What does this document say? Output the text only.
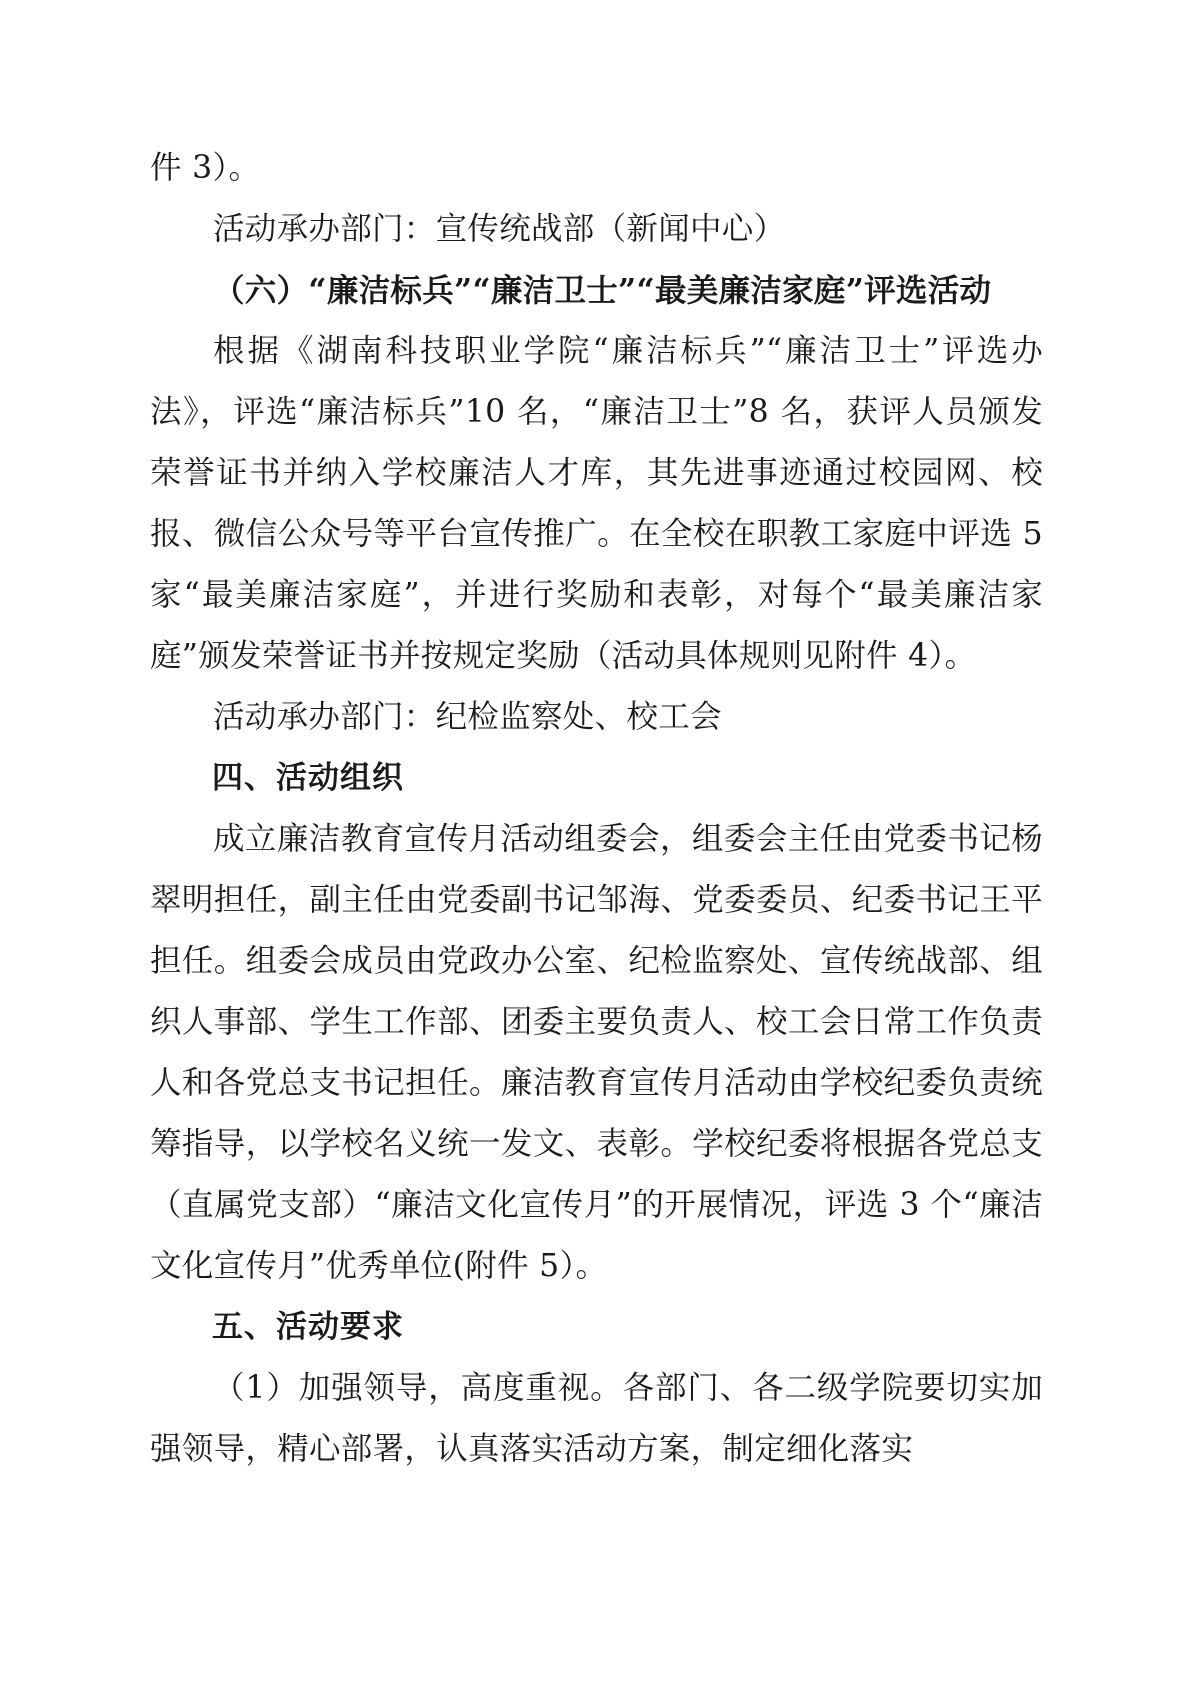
件 3）。

活动承办部门：宣传统战部（新闻中心）

（六）“廉洁标兵”“廉洁卫士”“最美廉洁家庭”评选活动

根据《湖南科技职业学院“廉洁标兵”“廉洁卫士”评选办法》，评选“廉洁标兵”10 名，“廉洁卫士”8 名，获评人员颁发荣誉证书并纳入学校廉洁人才库，其先进事迹通过校园网、校报、微信公众号等平台宣传推广。在全校在职教工家庭中评选 5 家“最美廉洁家庭”，并进行奖励和表彰，对每个“最美廉洁家庭”颁发荣誉证书并按规定奖励（活动具体规则见附件 4）。

活动承办部门：纪检监察处、校工会

四、活动组织

成立廉洁教育宣传月活动组委会，组委会主任由党委书记杨翠明担任，副主任由党委副书记邹海、党委委员、纪委书记王平担任。组委会成员由党政办公室、纪检监察处、宣传统战部、组织人事部、学生工作部、团委主要负责人、校工会日常工作负责人和各党总支书记担任。廉洁教育宣传月活动由学校纪委负责统筹指导，以学校名义统一发文、表彰。学校纪委将根据各党总支（直属党支部）“廉洁文化宣传月”的开展情况，评选 3 个“廉洁文化宣传月”优秀单位(附件 5）。

五、活动要求

（1）加强领导，高度重视。各部门、各二级学院要切实加强领导，精心部署，认真落实活动方案，制定细化落实
